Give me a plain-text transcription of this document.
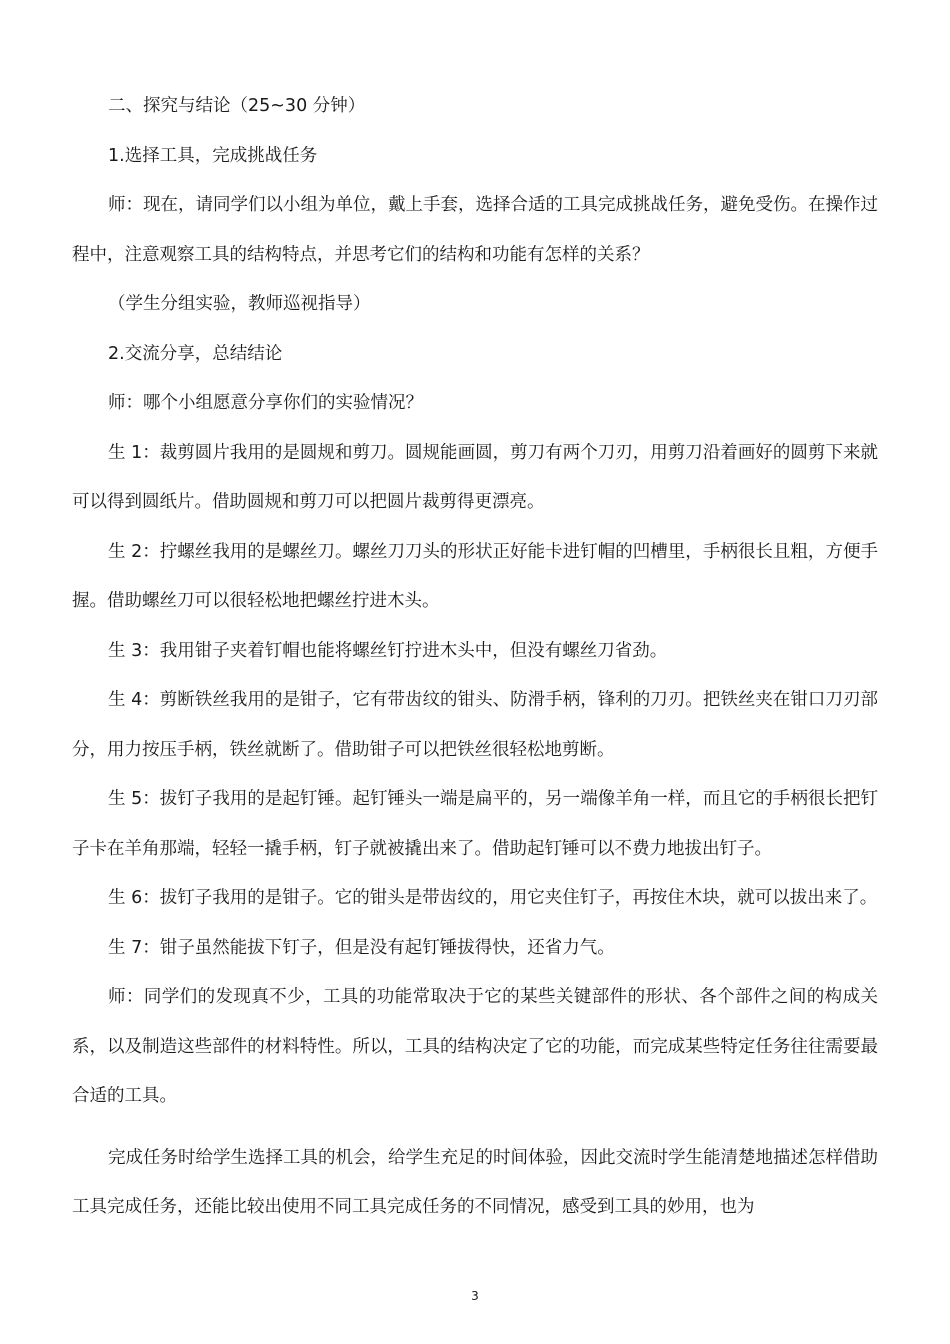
二、探究与结论（25~30 分钟）

1.选择工具，完成挑战任务

师：现在，请同学们以小组为单位，戴上手套，选择合适的工具完成挑战任务，避免受伤。在操作过程中，注意观察工具的结构特点，并思考它们的结构和功能有怎样的关系？

（学生分组实验，教师巡视指导）

2.交流分享，总结结论

师：哪个小组愿意分享你们的实验情况？

生 1：裁剪圆片我用的是圆规和剪刀。圆规能画圆，剪刀有两个刀刃，用剪刀沿着画好的圆剪下来就可以得到圆纸片。借助圆规和剪刀可以把圆片裁剪得更漂亮。

生 2：拧螺丝我用的是螺丝刀。螺丝刀刀头的形状正好能卡进钉帽的凹槽里，手柄很长且粗，方便手握。借助螺丝刀可以很轻松地把螺丝拧进木头。

生 3：我用钳子夹着钉帽也能将螺丝钉拧进木头中，但没有螺丝刀省劲。

生 4：剪断铁丝我用的是钳子，它有带齿纹的钳头、防滑手柄，锋利的刀刃。把铁丝夹在钳口刀刃部分，用力按压手柄，铁丝就断了。借助钳子可以把铁丝很轻松地剪断。

生 5：拔钉子我用的是起钉锤。起钉锤头一端是扁平的，另一端像羊角一样，而且它的手柄很长把钉子卡在羊角那端，轻轻一撬手柄，钉子就被撬出来了。借助起钉锤可以不费力地拔出钉子。

生 6：拔钉子我用的是钳子。它的钳头是带齿纹的，用它夹住钉子，再按住木块，就可以拔出来了。

生 7：钳子虽然能拔下钉子，但是没有起钉锤拔得快，还省力气。

师：同学们的发现真不少，工具的功能常取决于它的某些关键部件的形状、各个部件之间的构成关系，以及制造这些部件的材料特性。所以，工具的结构决定了它的功能，而完成某些特定任务往往需要最合适的工具。

完成任务时给学生选择工具的机会，给学生充足的时间体验，因此交流时学生能清楚地描述怎样借助工具完成任务，还能比较出使用不同工具完成任务的不同情况，感受到工具的妙用，也为

3
